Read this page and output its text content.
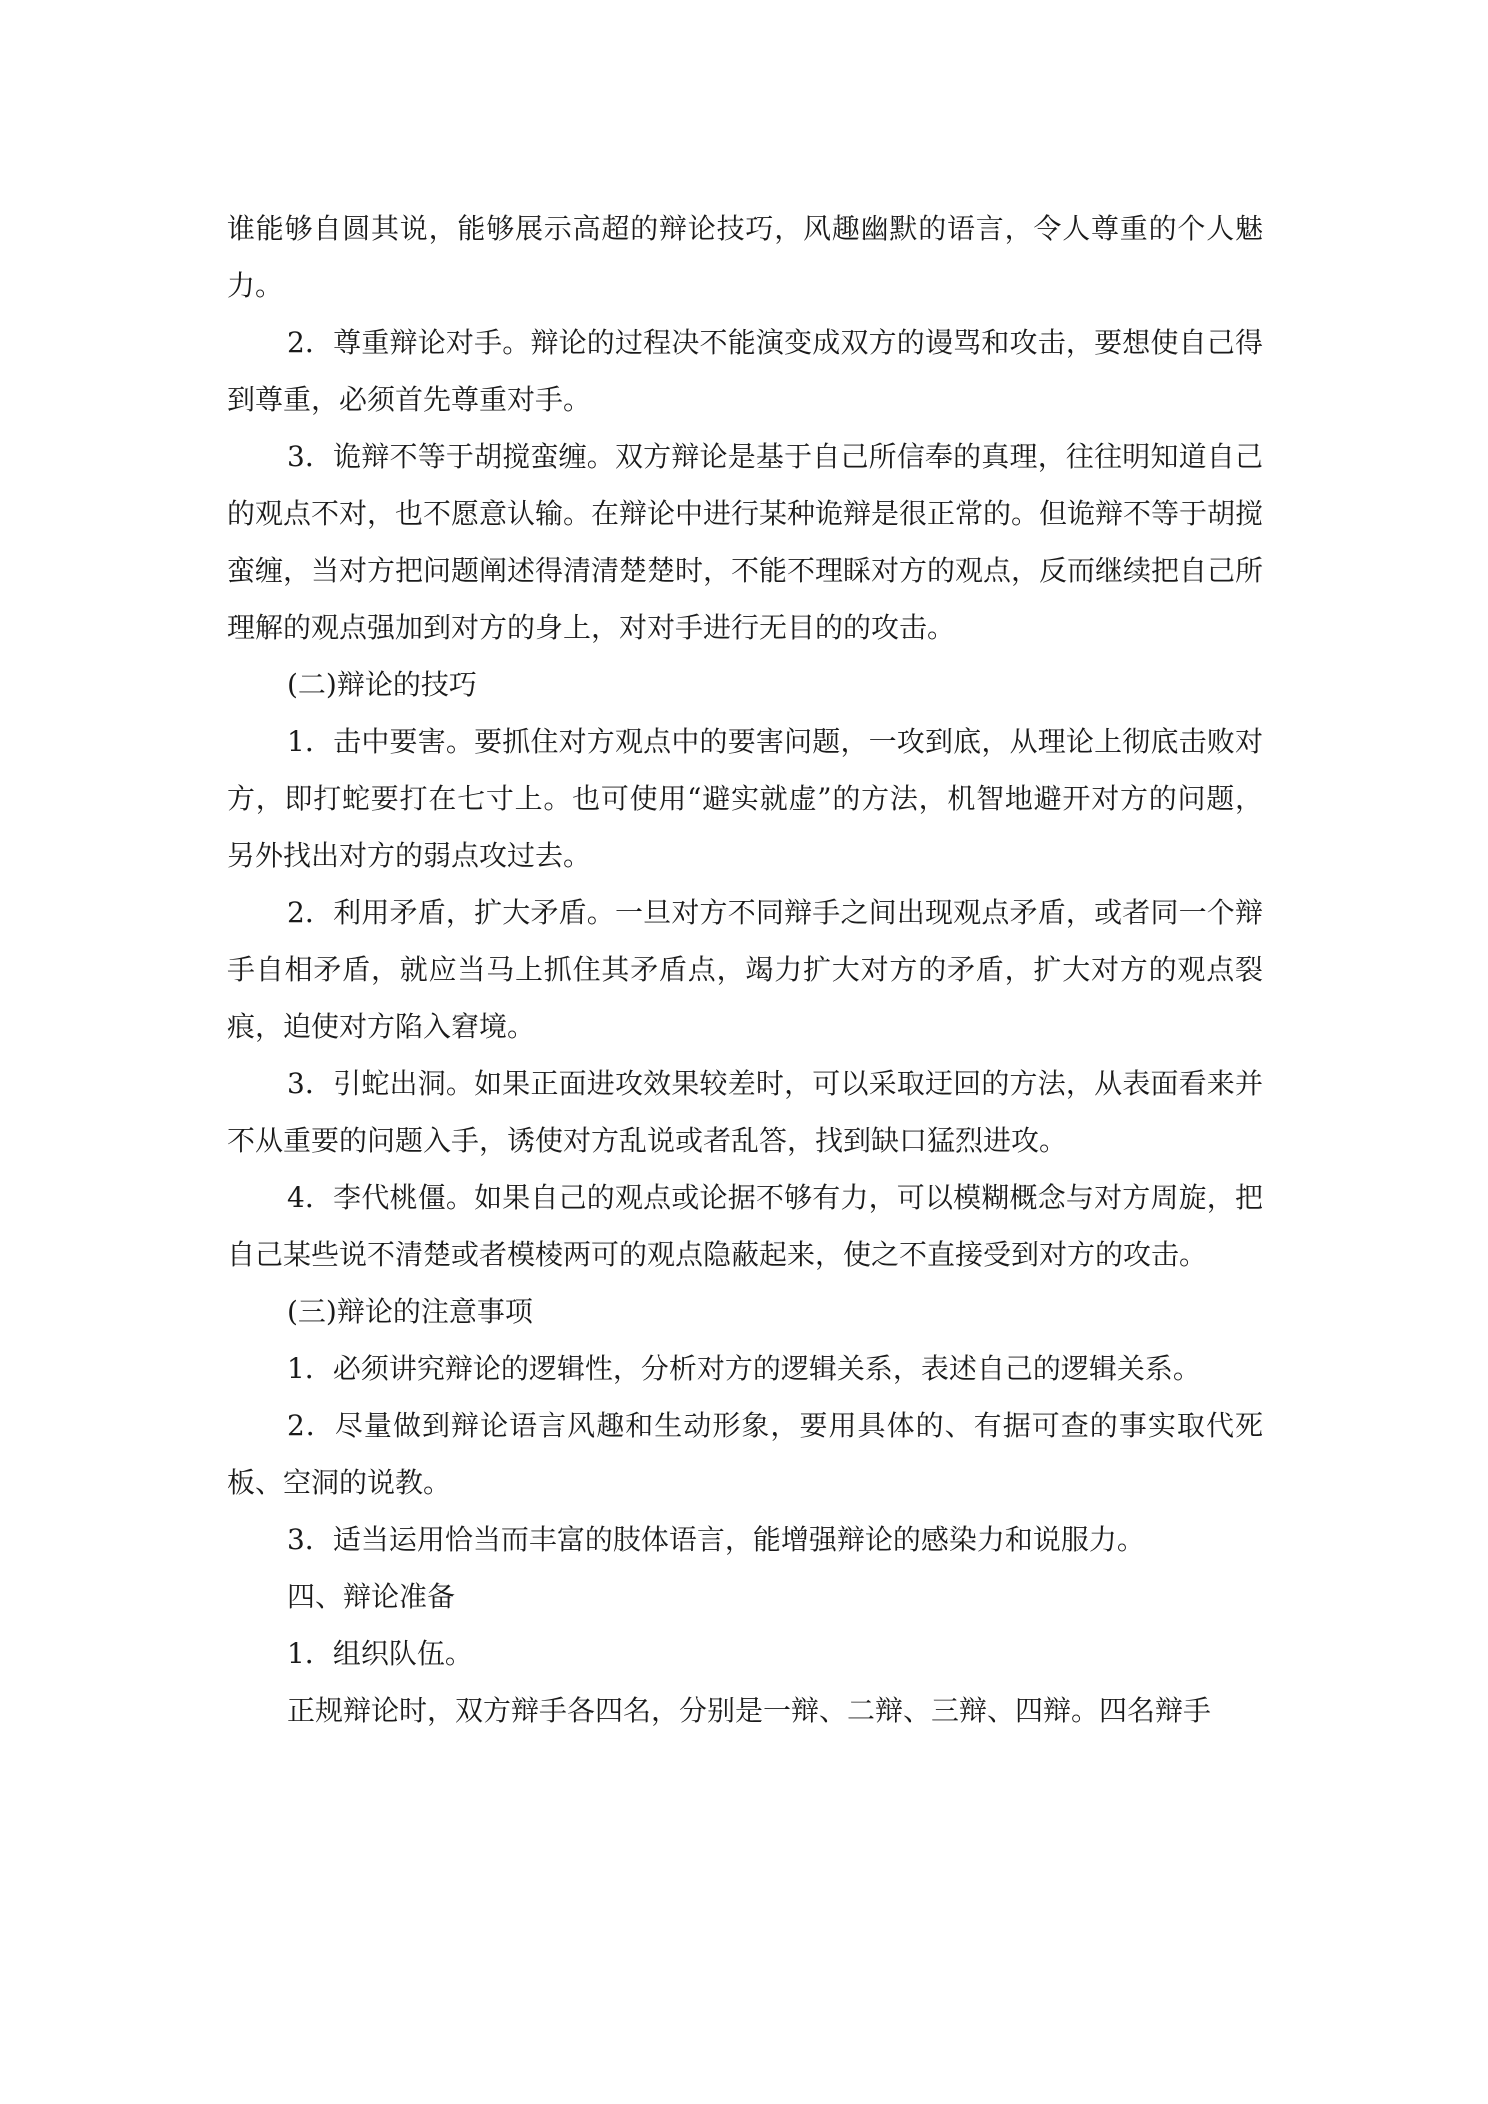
谁能够自圆其说，能够展示高超的辩论技巧，风趣幽默的语言，令人尊重的个人魅力。

2．尊重辩论对手。辩论的过程决不能演变成双方的谩骂和攻击，要想使自己得到尊重，必须首先尊重对手。

3．诡辩不等于胡搅蛮缠。双方辩论是基于自己所信奉的真理，往往明知道自己的观点不对，也不愿意认输。在辩论中进行某种诡辩是很正常的。但诡辩不等于胡搅蛮缠，当对方把问题阐述得清清楚楚时，不能不理睬对方的观点，反而继续把自己所理解的观点强加到对方的身上，对对手进行无目的的攻击。

(二)辩论的技巧

1．击中要害。要抓住对方观点中的要害问题，一攻到底，从理论上彻底击败对方，即打蛇要打在七寸上。也可使用“避实就虚”的方法，机智地避开对方的问题，另外找出对方的弱点攻过去。

2．利用矛盾，扩大矛盾。一旦对方不同辩手之间出现观点矛盾，或者同一个辩手自相矛盾，就应当马上抓住其矛盾点，竭力扩大对方的矛盾，扩大对方的观点裂痕，迫使对方陷入窘境。

3．引蛇出洞。如果正面进攻效果较差时，可以采取迂回的方法，从表面看来并不从重要的问题入手，诱使对方乱说或者乱答，找到缺口猛烈进攻。

4．李代桃僵。如果自己的观点或论据不够有力，可以模糊概念与对方周旋，把自己某些说不清楚或者模棱两可的观点隐蔽起来，使之不直接受到对方的攻击。

(三)辩论的注意事项

1．必须讲究辩论的逻辑性，分析对方的逻辑关系，表述自己的逻辑关系。

2．尽量做到辩论语言风趣和生动形象，要用具体的、有据可查的事实取代死板、空洞的说教。

3．适当运用恰当而丰富的肢体语言，能增强辩论的感染力和说服力。

四、辩论准备

1．组织队伍。

正规辩论时，双方辩手各四名，分别是一辩、二辩、三辩、四辩。四名辩手
